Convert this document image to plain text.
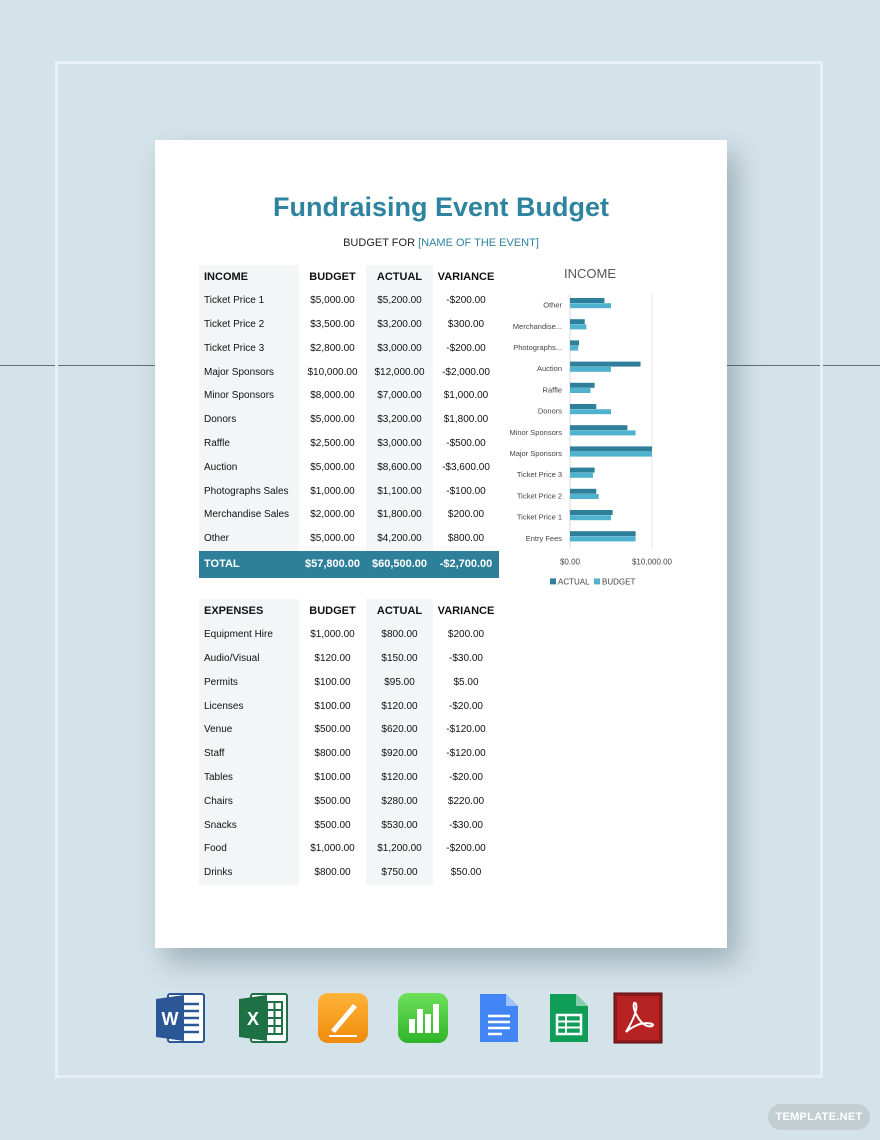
Fundraising Event Budget
BUDGET FOR [NAME OF THE EVENT]
INCOME	BUDGET	ACTUAL	VARIANCE
Ticket Price 1	$5,000.00	$5,200.00	-$200.00
Ticket Price 2	$3,500.00	$3,200.00	$300.00
Ticket Price 3	$2,800.00	$3,000.00	-$200.00
Major Sponsors	$10,000.00	$12,000.00	-$2,000.00
Minor Sponsors	$8,000.00	$7,000.00	$1,000.00
Donors	$5,000.00	$3,200.00	$1,800.00
Raffle	$2,500.00	$3,000.00	-$500.00
Auction	$5,000.00	$8,600.00	-$3,600.00
Photographs Sales	$1,000.00	$1,100.00	-$100.00
Merchandise Sales	$2,000.00	$1,800.00	$200.00
Other	$5,000.00	$4,200.00	$800.00
TOTAL	$57,800.00	$60,500.00	-$2,700.00
EXPENSES	BUDGET	ACTUAL	VARIANCE
Equipment Hire	$1,000.00	$800.00	$200.00
Audio/Visual	$120.00	$150.00	-$30.00
Permits	$100.00	$95.00	$5.00
Licenses	$100.00	$120.00	-$20.00
Venue	$500.00	$620.00	-$120.00
Staff	$800.00	$920.00	-$120.00
Tables	$100.00	$120.00	-$20.00
Chairs	$500.00	$280.00	$220.00
Snacks	$500.00	$530.00	-$30.00
Food	$1,000.00	$1,200.00	-$200.00
Drinks	$800.00	$750.00	$50.00
INCOME
Other
Merchandise...
Photographs...
Auction
Raffle
Donors
Minor Sponsors
Major Sponsors
Ticket Price 3
Ticket Price 2
Ticket Price 1
Entry Fees
$0.00	$10,000.00
ACTUAL BUDGET
W	X
TEMPLATE.NET
